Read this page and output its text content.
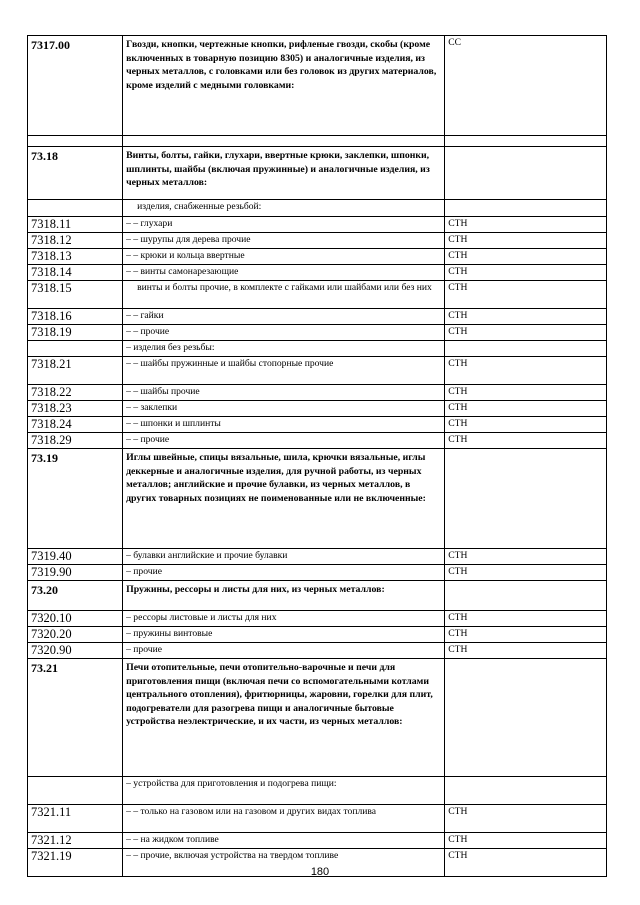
7317.00	Гвозди, кнопки, чертежные кнопки, рифленые гвозди, скобы (кроме включенных в товарную позицию 8305) и аналогичные изделия, из черных металлов, с головками или без головок из других материалов, кроме изделий с медными головками:	СС

73.18	Винты, болты, гайки, глухари, ввертные крюки, заклепки, шпонки, шплинты, шайбы (включая пружинные) и аналогичные изделия, из черных металлов:	
	изделия, снабженные резьбой:	
7318.11	– – глухари	СТН
7318.12	– – шурупы для дерева прочие	СТН
7318.13	– – крюки и кольца ввертные	СТН
7318.14	– – винты самонарезающие	СТН
7318.15	винты и болты прочие, в комплекте с гайками или шайбами или без них	СТН
7318.16	– – гайки	СТН
7318.19	– – прочие	СТН
	– изделия без резьбы:	
7318.21	– – шайбы пружинные и шайбы стопорные прочие	СТН
7318.22	– – шайбы прочие	СТН
7318.23	– – заклепки	СТН
7318.24	– – шпонки и шплинты	СТН
7318.29	– – прочие	СТН
73.19	Иглы швейные, спицы вязальные, шила, крючки вязальные, иглы деккерные и аналогичные изделия, для ручной работы, из черных металлов; английские и прочие булавки, из черных металлов, в других товарных позициях не поименованные или не включенные:	
7319.40	– булавки английские и прочие булавки	СТН
7319.90	– прочие	СТН
73.20	Пружины, рессоры и листы для них, из черных металлов:	
7320.10	– рессоры листовые и листы для них	СТН
7320.20	– пружины винтовые	СТН
7320.90	– прочие	СТН
73.21	Печи отопительные, печи отопительно-варочные и печи для приготовления пищи (включая печи со вспомогательными котлами центрального отопления), фритюрницы, жаровни, горелки для плит, подогреватели для разогрева пищи и аналогичные бытовые устройства неэлектрические, и их части, из черных металлов:	
	– устройства для приготовления и подогрева пищи:	
7321.11	– – только на газовом или на газовом и других видах топлива	СТН
7321.12	– – на жидком топливе	СТН
7321.19	– – прочие, включая устройства на твердом топливе	СТН
180
